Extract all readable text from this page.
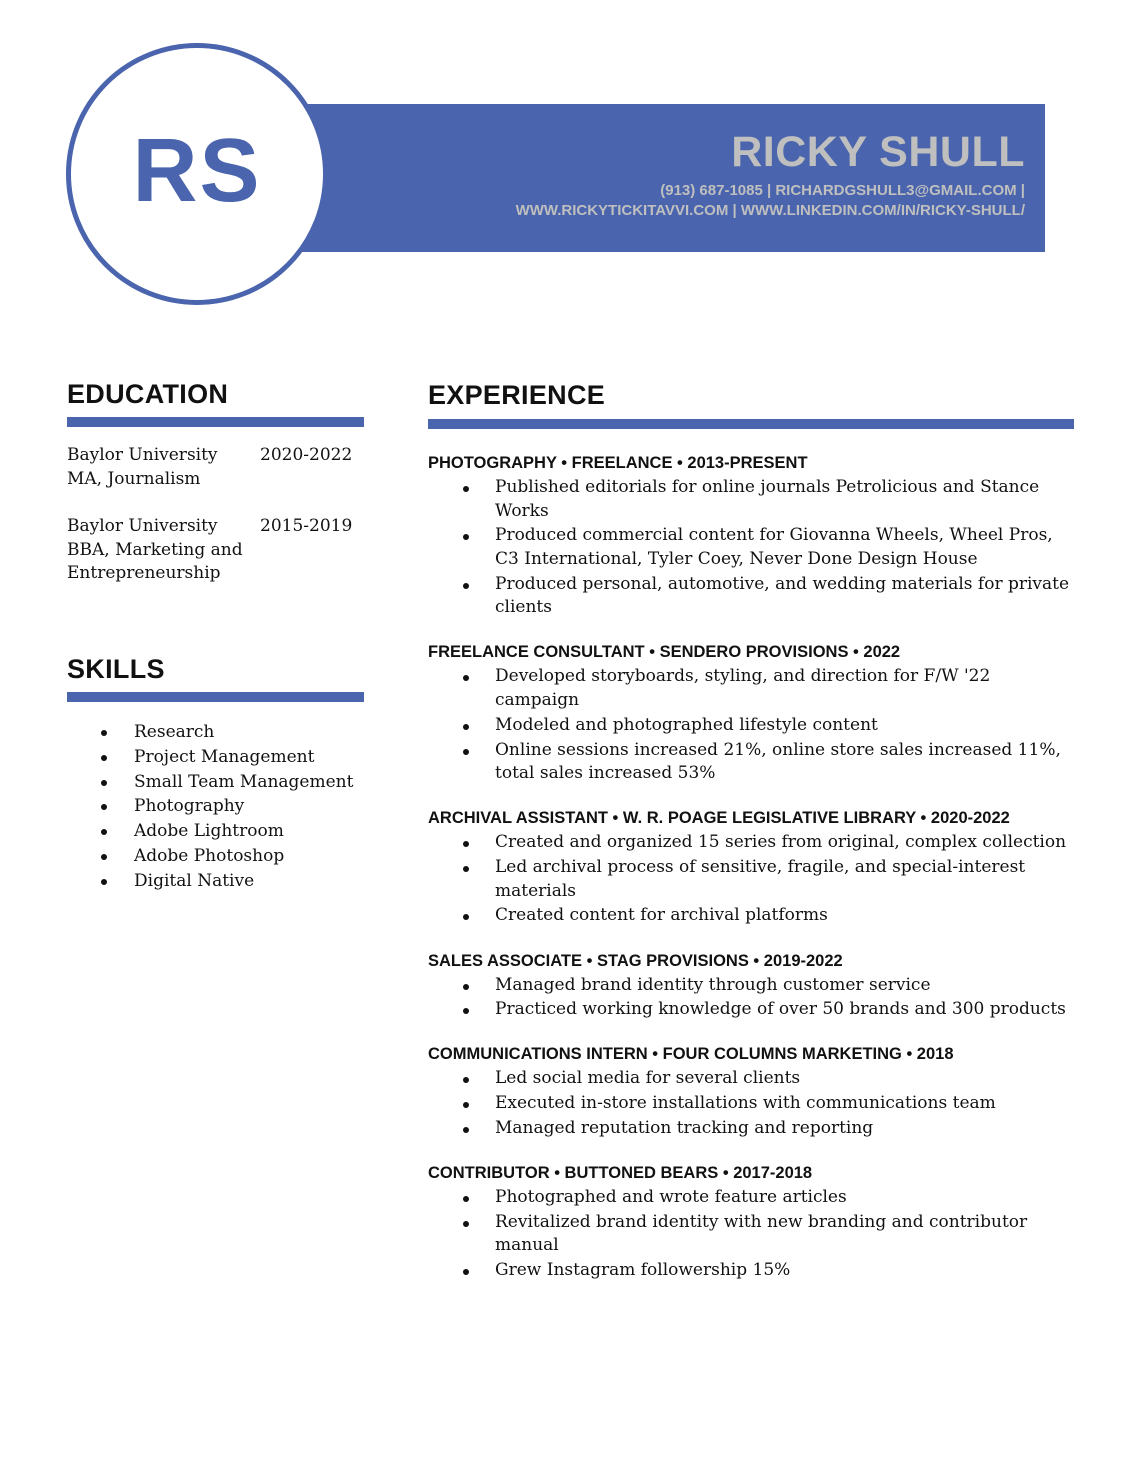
RICKY SHULL
(913) 687-1085 | RICHARDGSHULL3@GMAIL.COM |
WWW.RICKYTICKITAVVI.COM | WWW.LINKEDIN.COM/IN/RICKY-SHULL/
RS
EDUCATION
Baylor University MA, Journalism
2020-2022
Baylor University BBA, Marketing and Entrepreneurship
2015-2019
SKILLS
Research
Project Management
Small Team Management
Photography
Adobe Lightroom
Adobe Photoshop
Digital Native
EXPERIENCE
PHOTOGRAPHY • FREELANCE • 2013-PRESENT
Published editorials for online journals Petrolicious and Stance Works
Produced commercial content for Giovanna Wheels, Wheel Pros, C3 International, Tyler Coey, Never Done Design House
Produced personal, automotive, and wedding materials for private clients
FREELANCE CONSULTANT • SENDERO PROVISIONS • 2022
Developed storyboards, styling, and direction for F/W '22 campaign
Modeled and photographed lifestyle content
Online sessions increased 21%, online store sales increased 11%, total sales increased 53%
ARCHIVAL ASSISTANT • W. R. POAGE LEGISLATIVE LIBRARY • 2020-2022
Created and organized 15 series from original, complex collection
Led archival process of sensitive, fragile, and special-interest materials
Created content for archival platforms
SALES ASSOCIATE • STAG PROVISIONS • 2019-2022
Managed brand identity through customer service
Practiced working knowledge of over 50 brands and 300 products
COMMUNICATIONS INTERN • FOUR COLUMNS MARKETING • 2018
Led social media for several clients
Executed in-store installations with communications team
Managed reputation tracking and reporting
CONTRIBUTOR • BUTTONED BEARS • 2017-2018
Photographed and wrote feature articles
Revitalized brand identity with new branding and contributor manual
Grew Instagram followership 15%
